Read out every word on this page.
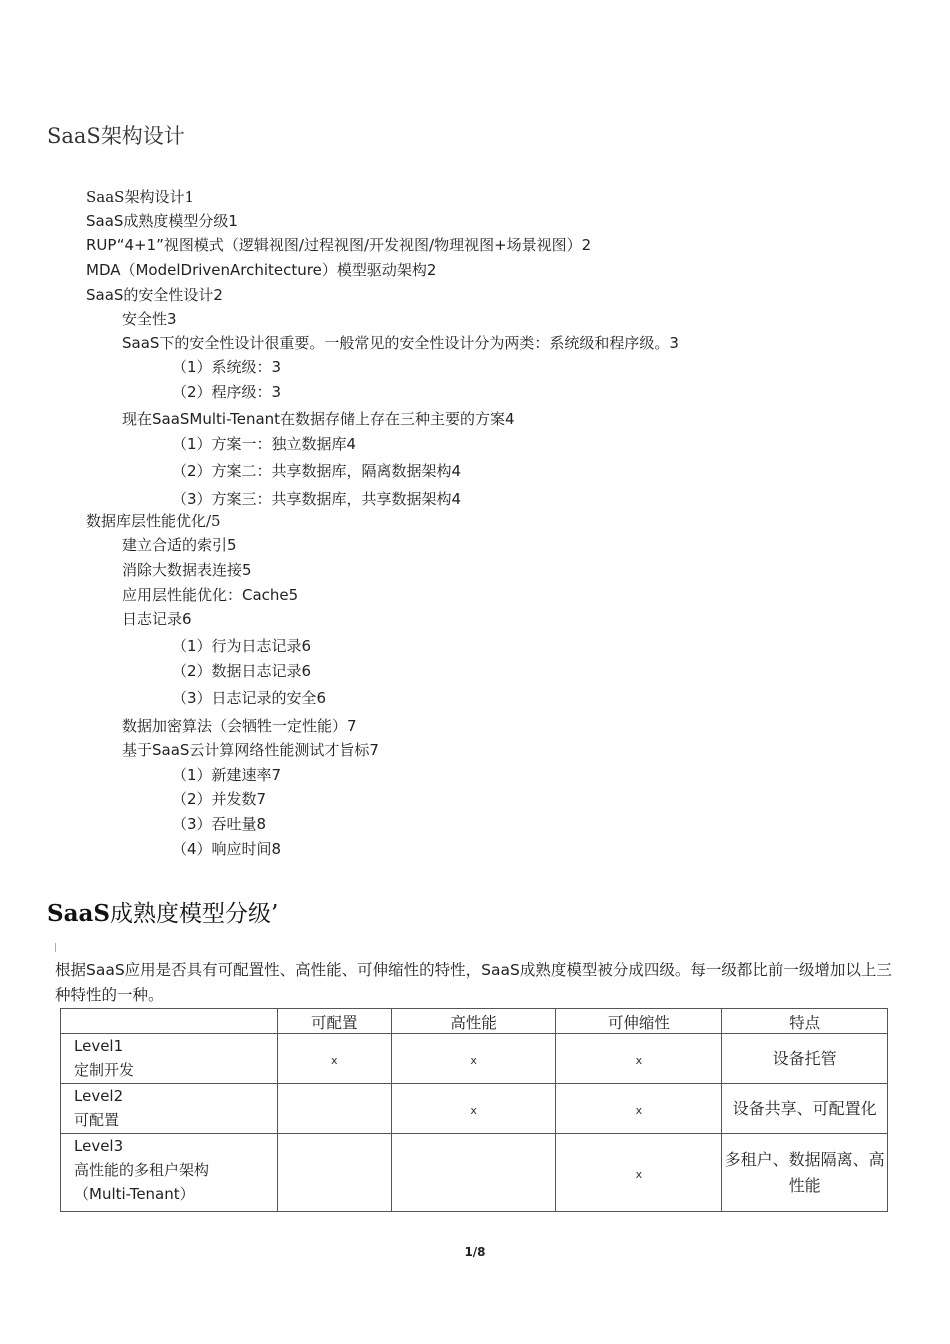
SaaS架构设计
SaaS架构设计1
SaaS成熟度模型分级1
RUP“4+1”视图模式（逻辑视图/过程视图/开发视图/物理视图+场景视图）2
MDA（ModelDrivenArchitecture）模型驱动架构2
SaaS的安全性设计2
安全性3
SaaS下的安全性设计很重要。一般常见的安全性设计分为两类：系统级和程序级。3
（1）系统级：3
（2）程序级：3
现在SaaSMulti-Tenant在数据存储上存在三种主要的方案4
（1）方案一：独立数据库4
（2）方案二：共享数据库，隔离数据架构4
（3）方案三：共享数据库，共享数据架构4
数据库层性能优化/5
建立合适的索引5
消除大数据表连接5
应用层性能优化：Cache5
日志记录6
（1）行为日志记录6
（2）数据日志记录6
（3）日志记录的安全6
数据加密算法（会牺牲一定性能）7
基于SaaS云计算网络性能测试才旨标7
（1）新建速率7
（2）并发数7
（3）吞吐量8
（4）响应时间8
SaaS成熟度模型分级’

根据SaaS应用是否具有可配置性、高性能、可伸缩性的特性，SaaS成熟度模型被分成四级。每一级都比前一级增加以上三种特性的一种。

	可配置	高性能	可伸缩性	特点

Level1
定制开发	x	x	x	设备托管

Level2
可配置		x	x	设备共享、可配置化

Level3
高性能的多租户架构
（Multi-Tenant）			x	多租户、数据隔离、高性能
1/8
